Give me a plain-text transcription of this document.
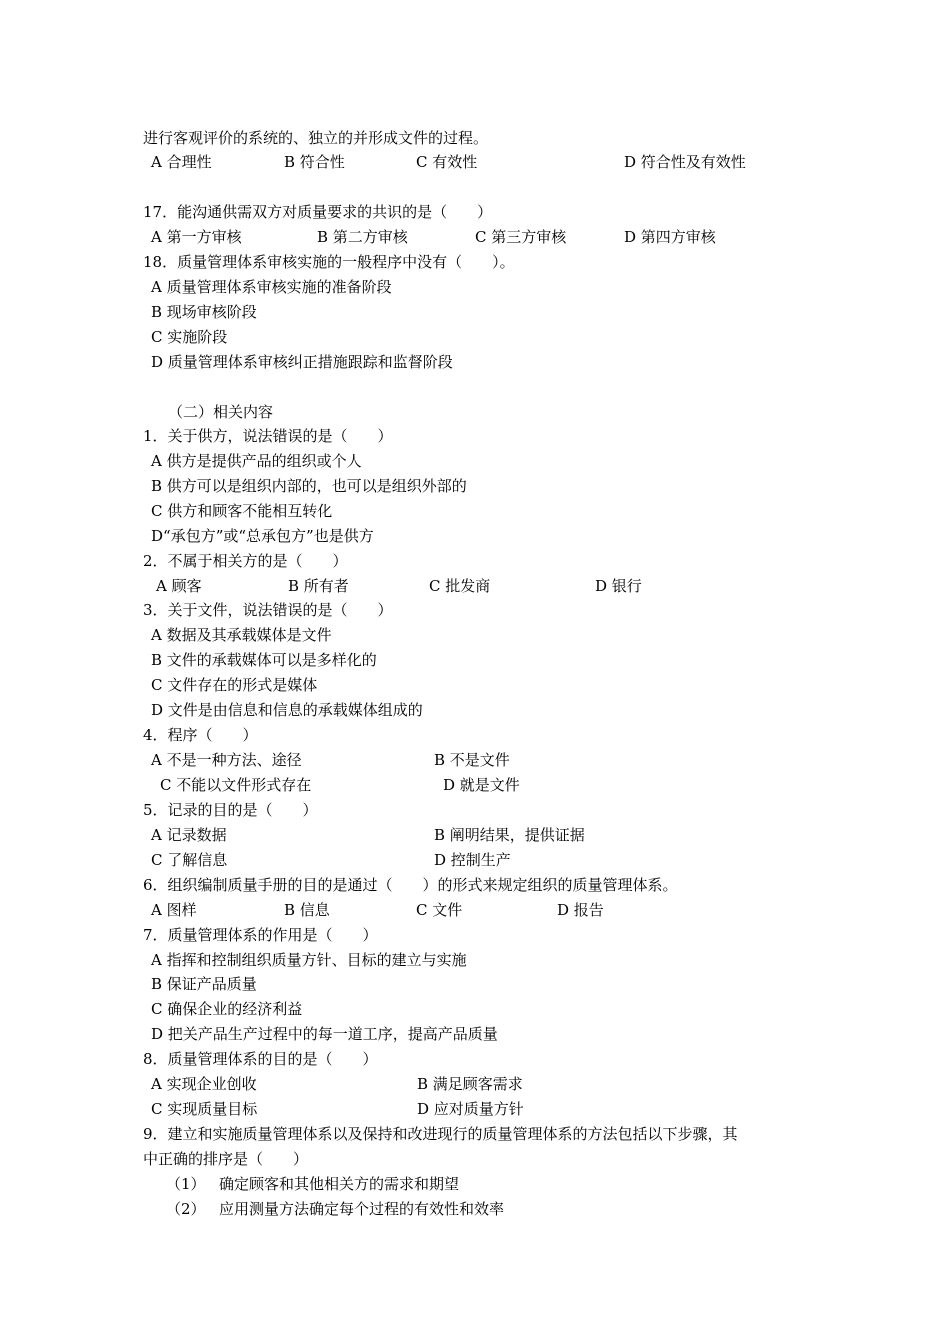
进行客观评价的系统的、独立的并形成文件的过程。
A 合理性	B 符合性	C 有效性	D 符合性及有效性
17．能沟通供需双方对质量要求的共识的是（　　）
A 第一方审核	B 第二方审核	C 第三方审核	D 第四方审核
18．质量管理体系审核实施的一般程序中没有（　　）。
A 质量管理体系审核实施的准备阶段
B 现场审核阶段
C 实施阶段
D 质量管理体系审核纠正措施跟踪和监督阶段
（二）相关内容
1．关于供方，说法错误的是（　　）
A 供方是提供产品的组织或个人
B 供方可以是组织内部的，也可以是组织外部的
C 供方和顾客不能相互转化
D“承包方”或“总承包方”也是供方
2．不属于相关方的是（　　）
A 顾客	B 所有者	C 批发商	D 银行
3．关于文件，说法错误的是（　　）
A 数据及其承载媒体是文件
B 文件的承载媒体可以是多样化的
C 文件存在的形式是媒体
D 文件是由信息和信息的承载媒体组成的
4．程序（　　）
A 不是一种方法、途径	B 不是文件
C 不能以文件形式存在	D 就是文件
5．记录的目的是（　　）
A 记录数据	B 阐明结果，提供证据
C 了解信息	D 控制生产
6．组织编制质量手册的目的是通过（　　）的形式来规定组织的质量管理体系。
A 图样	B 信息	C 文件	D 报告
7．质量管理体系的作用是（　　）
A 指挥和控制组织质量方针、目标的建立与实施
B 保证产品质量
C 确保企业的经济利益
D 把关产品生产过程中的每一道工序，提高产品质量
8．质量管理体系的目的是（　　）
A 实现企业创收	B 满足顾客需求
C 实现质量目标	D 应对质量方针
9．建立和实施质量管理体系以及保持和改进现行的质量管理体系的方法包括以下步骤，其
中正确的排序是（　　）
（1） 确定顾客和其他相关方的需求和期望
（2） 应用测量方法确定每个过程的有效性和效率
